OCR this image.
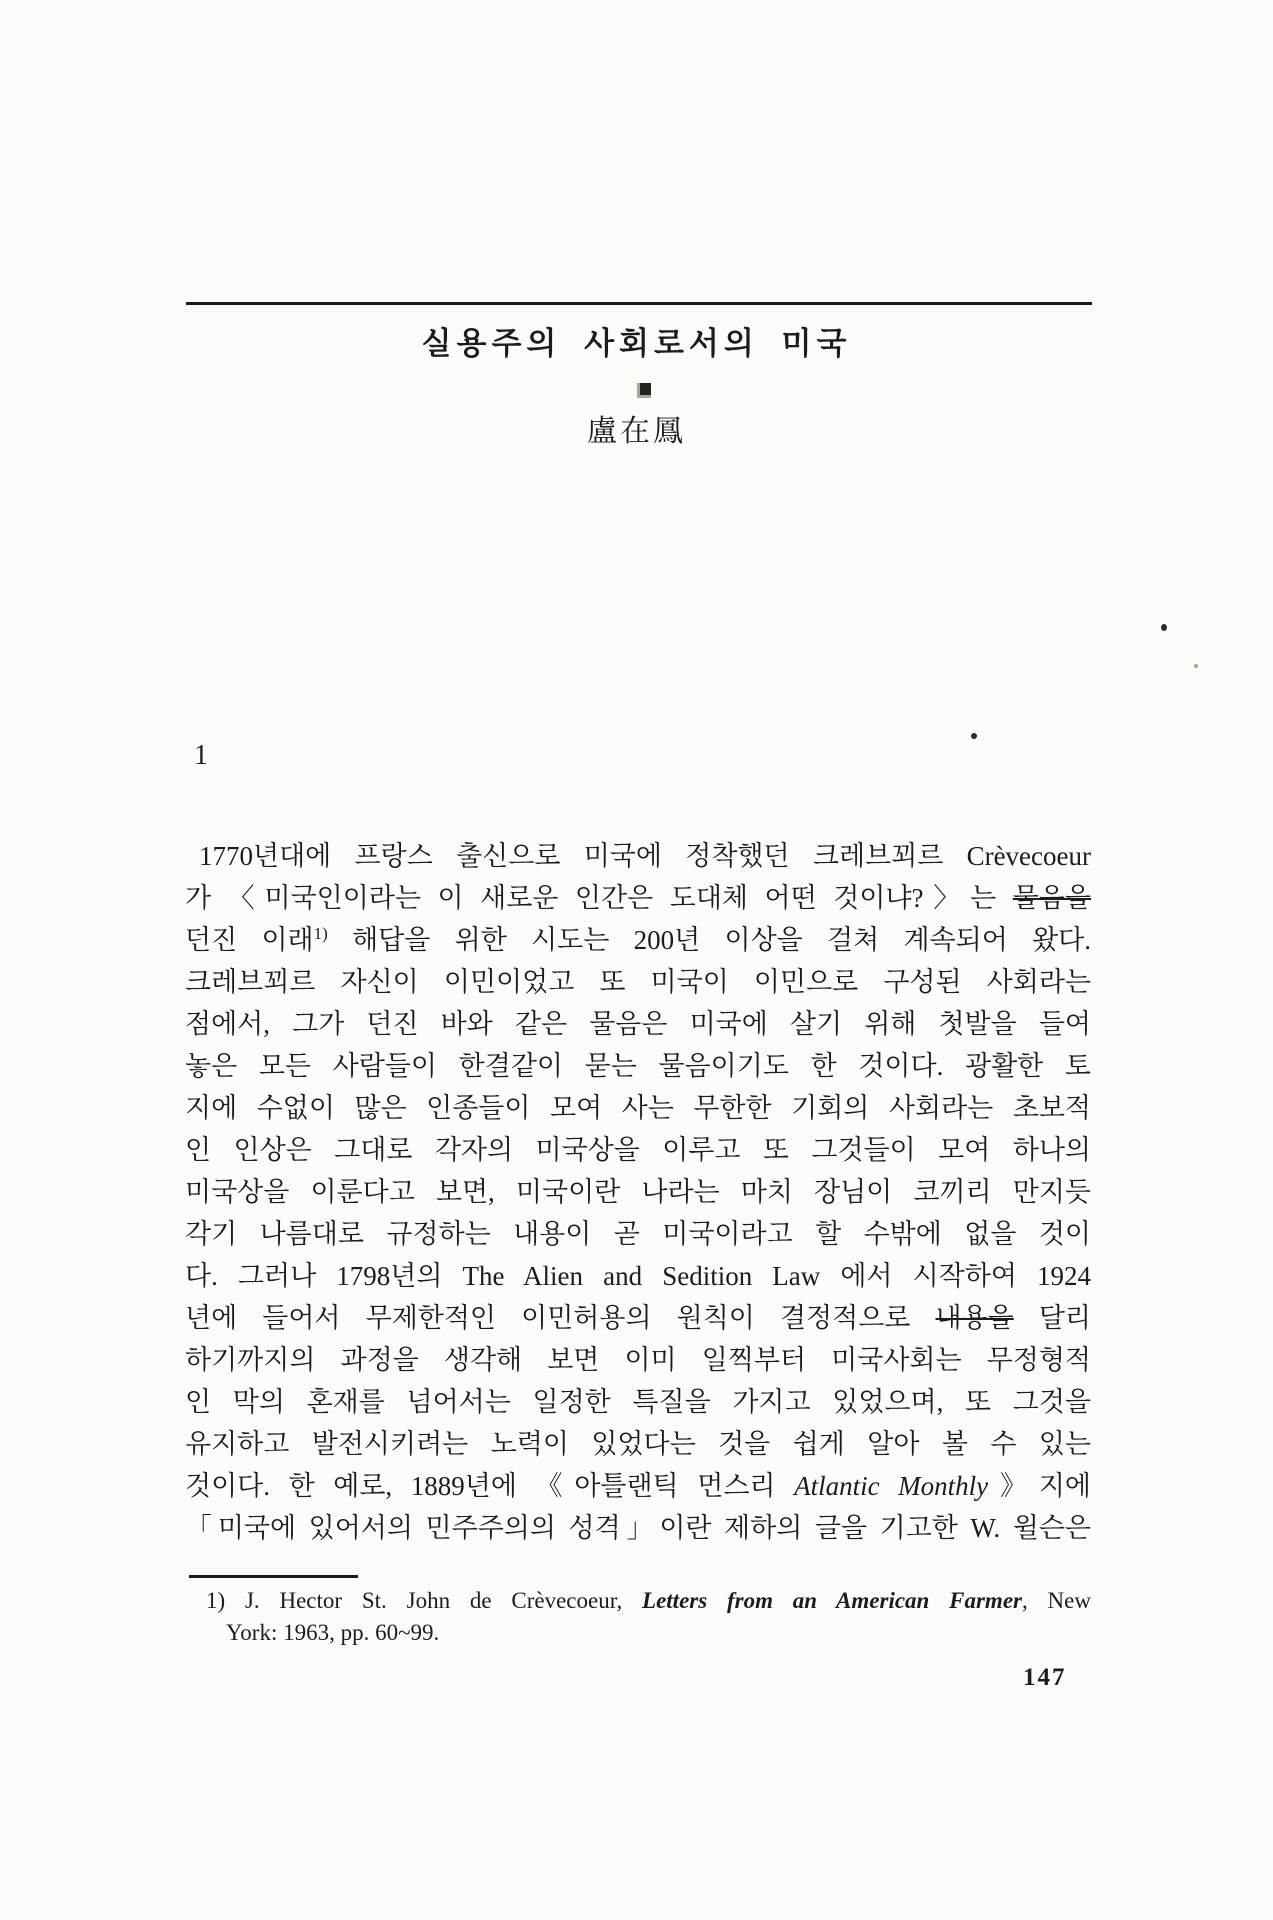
실용주의 사회로서의 미국
盧在鳳
1
1770년대에 프랑스 출신으로 미국에 정착했던 크레브꾀르 Crèvecoeur
가 〈미국인이라는 이 새로운 인간은 도대체 어떤 것이냐?〉는 물음을
던진 이래$^{1)}$ 해답을 위한 시도는 200년 이상을 걸쳐 계속되어 왔다.
크레브꾀르 자신이 이민이었고 또 미국이 이민으로 구성된 사회라는
점에서, 그가 던진 바와 같은 물음은 미국에 살기 위해 첫발을 들여
놓은 모든 사람들이 한결같이 묻는 물음이기도 한 것이다. 광활한 토
지에 수없이 많은 인종들이 모여 사는 무한한 기회의 사회라는 초보적
인 인상은 그대로 각자의 미국상을 이루고 또 그것들이 모여 하나의
미국상을 이룬다고 보면, 미국이란 나라는 마치 장님이 코끼리 만지듯
각기 나름대로 규정하는 내용이 곧 미국이라고 할 수밖에 없을 것이
다. 그러나 1798년의 The Alien and Sedition Law 에서 시작하여 1924
년에 들어서 무제한적인 이민허용의 원칙이 결정적으로 내용을 달리
하기까지의 과정을 생각해 보면 이미 일찍부터 미국사회는 무정형적
인 막의 혼재를 넘어서는 일정한 특질을 가지고 있었으며, 또 그것을
유지하고 발전시키려는 노력이 있었다는 것을 쉽게 알아 볼 수 있는
것이다. 한 예로, 1889년에 《아틀랜틱 먼스리 Atlantic Monthly》지에
「미국에 있어서의 민주주의의 성격」이란 제하의 글을 기고한 W. 윌슨은
1) J. Hector St. John de Crèvecoeur, Letters from an American Farmer, New
York: 1963, pp. 60~99.
147
